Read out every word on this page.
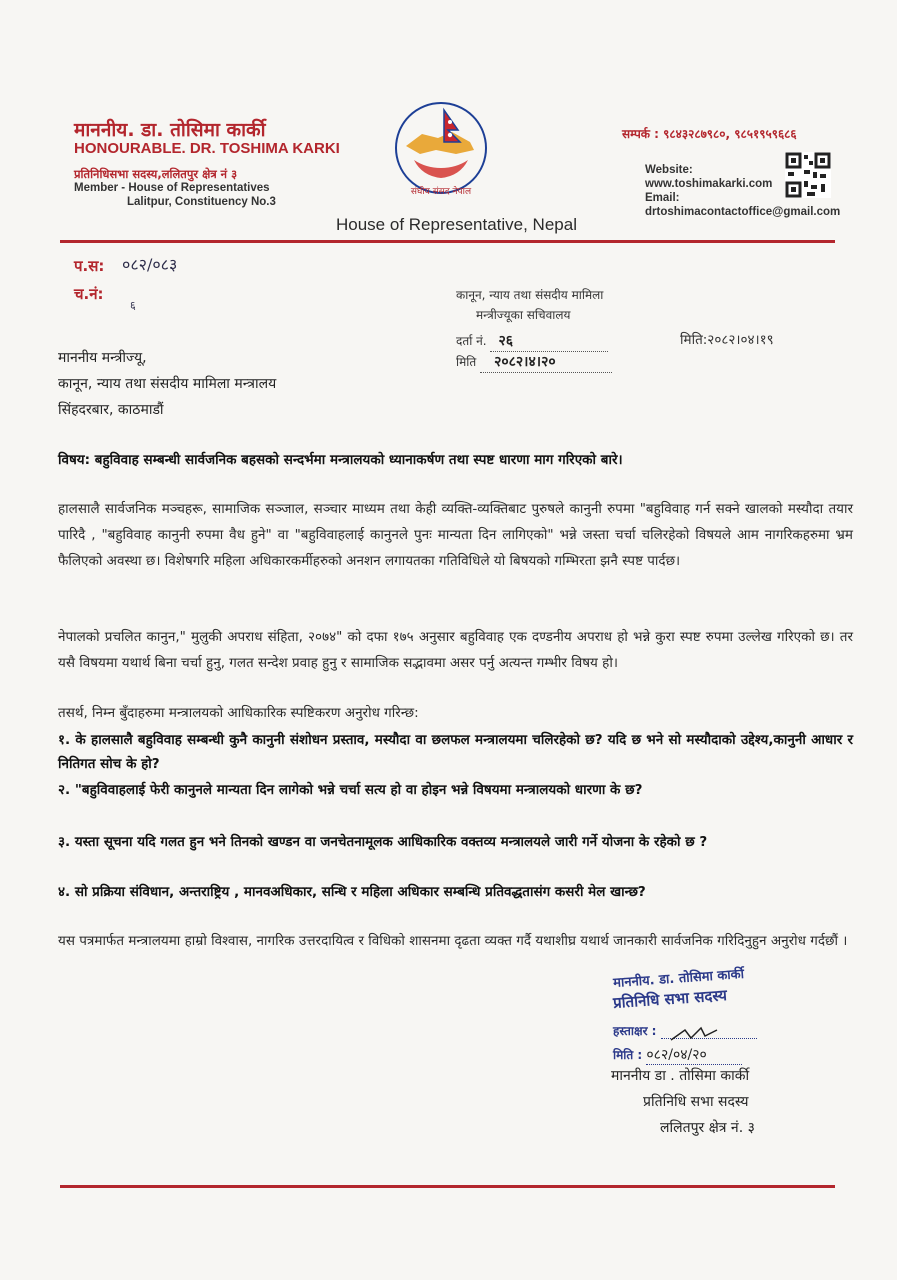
माननीय. डा. तोसिमा कार्की
HONOURABLE. DR. TOSHIMA KARKI
प्रतिनिधिसभा सदस्य,ललितपुर क्षेत्र नं ३
Member - House of Representatives
Lalitpur, Constituency No.3
संघीय संसद नेपाल
सम्पर्क : ९८४३२८७९८०, ९८५१९५९६८६
Website:
www.toshimakarki.com
Email:
drtoshimacontactoffice@gmail.com
House of Representative, Nepal
प.स: ०८२/०८३
च.नं:
६
कानून, न्याय तथा संसदीय मामिला
मन्त्रीज्यूका सचिवालय
दर्ता नं. २६
मिति २०८२।४।२०
मिति:२०८२।०४।१९
माननीय मन्त्रीज्यू,
कानून, न्याय तथा संसदीय मामिला मन्त्रालय
सिंहदरबार, काठमाडौं
विषय: बहुविवाह सम्बन्धी सार्वजनिक बहसको सन्दर्भमा मन्त्रालयको ध्यानाकर्षण तथा स्पष्ट धारणा माग गरिएको बारे।
हालसालै सार्वजनिक मञ्चहरू, सामाजिक सञ्जाल, सञ्चार माध्यम तथा केही व्यक्ति-व्यक्तिबाट पुरुषले कानुनी रुपमा "बहुविवाह गर्न सक्ने खालको मस्यौदा तयार पारिदै , "बहुविवाह कानुनी रुपमा वैध हुने" वा "बहुविवाहलाई कानुनले पुनः मान्यता दिन लागिएको" भन्ने जस्ता चर्चा चलिरहेको विषयले आम नागरिकहरुमा भ्रम फैलिएको अवस्था छ। विशेषगरि महिला अधिकारकर्मीहरुको अनशन लगायतका गतिविधिले यो बिषयको गम्भिरता झनै स्पष्ट पार्दछ।
नेपालको प्रचलित कानुन," मुलुकी अपराध संहिता, २०७४" को दफा १७५ अनुसार बहुविवाह एक दण्डनीय अपराध हो भन्ने कुरा स्पष्ट रुपमा उल्लेख गरिएको छ। तर यसै विषयमा यथार्थ बिना चर्चा हुनु, गलत सन्देश प्रवाह हुनु र सामाजिक सद्भावमा असर पर्नु अत्यन्त गम्भीर विषय हो।
तसर्थ, निम्न बुँदाहरुमा मन्त्रालयको आधिकारिक स्पष्टिकरण अनुरोध गरिन्छ:
१. के हालसालै बहुविवाह सम्बन्धी कुनै कानुनी संशोधन प्रस्ताव, मस्यौदा वा छलफल मन्त्रालयमा चलिरहेको छ? यदि छ भने सो मस्यौदाको उद्देश्य,कानुनी आधार र नितिगत सोच के हो?
२. "बहुविवाहलाई फेरी कानुनले मान्यता दिन लागेको भन्ने चर्चा सत्य हो वा होइन भन्ने विषयमा मन्त्रालयको धारणा के छ?
३. यस्ता सूचना यदि गलत हुन भने तिनको खण्डन वा जनचेतनामूलक आधिकारिक वक्तव्य मन्त्रालयले जारी गर्ने योजना के रहेको छ ?
४. सो प्रक्रिया संविधान, अन्तराष्ट्रिय , मानवअधिकार, सन्धि र महिला अधिकार सम्बन्धि प्रतिवद्धतासंग कसरी मेल खान्छ?
यस पत्रमार्फत मन्त्रालयमा हाम्रो विश्वास, नागरिक उत्तरदायित्व र विधिको शासनमा दृढता व्यक्त गर्दै यथाशीघ्र यथार्थ जानकारी सार्वजनिक गरिदिनुहुन अनुरोध गर्दछौं ।
माननीय. डा. तोसिमा कार्की
प्रतिनिधि सभा सदस्य
हस्ताक्षर :
मिति : ०८२/०४/२०
माननीय डा . तोसिमा कार्की
प्रतिनिधि सभा सदस्य
ललितपुर क्षेत्र नं. ३
